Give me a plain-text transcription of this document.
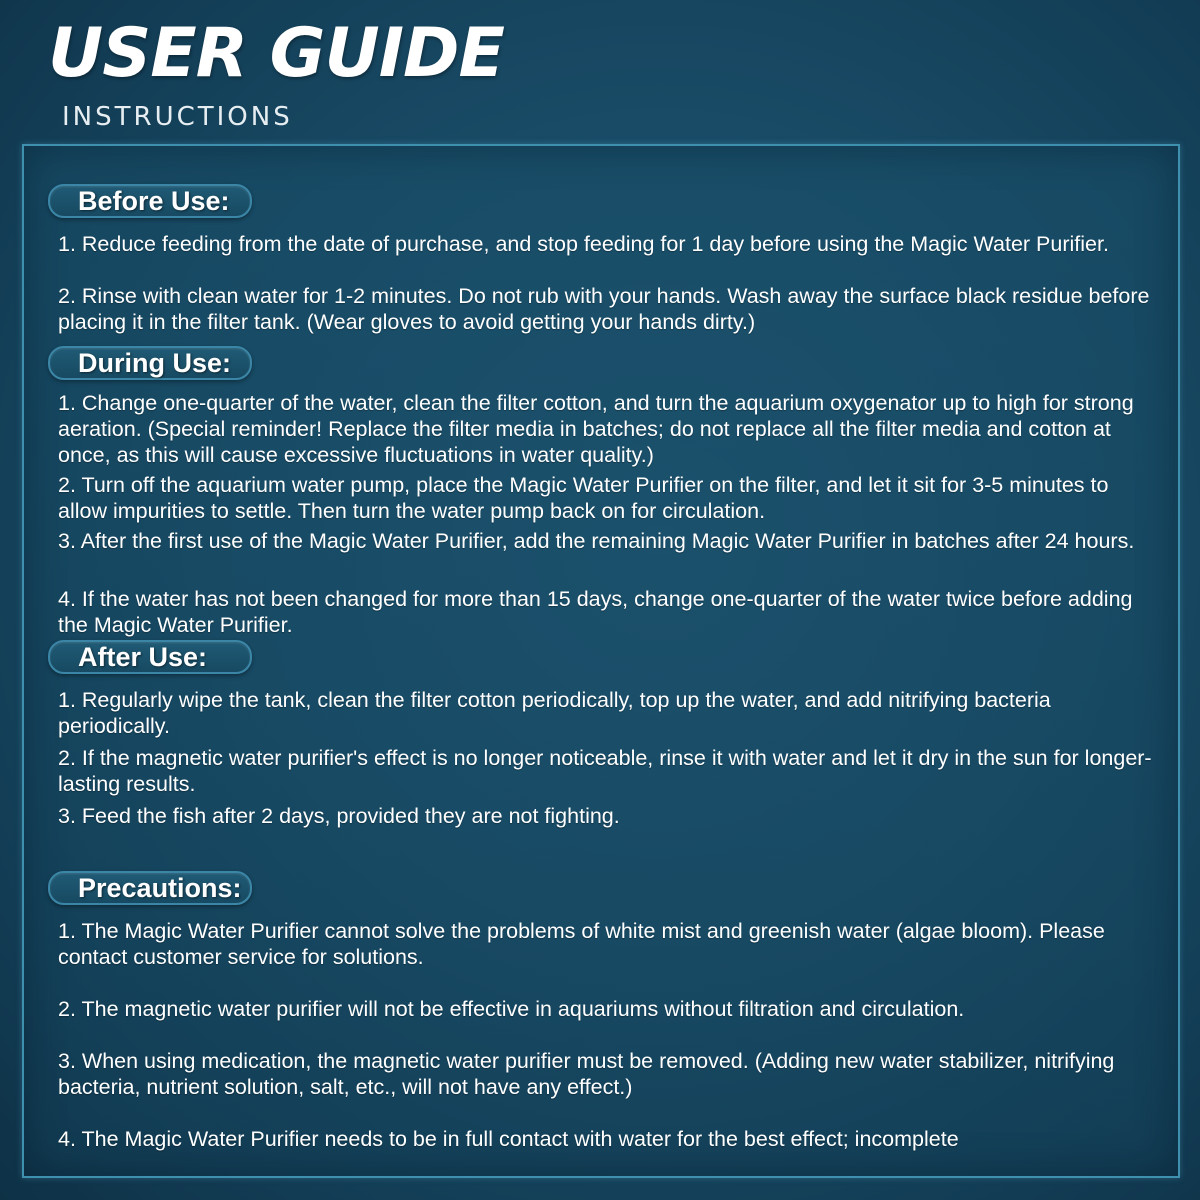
USER GUIDE
INSTRUCTIONS
Before Use:

1. Reduce feeding from the date of purchase, and stop feeding for 1 day before using the Magic Water Purifier.

2. Rinse with clean water for 1-2 minutes. Do not rub with your hands. Wash away the surface black residue before placing it in the filter tank. (Wear gloves to avoid getting your hands dirty.)

During Use:

1. Change one-quarter of the water, clean the filter cotton, and turn the aquarium oxygenator up to high for strong aeration. (Special reminder! Replace the filter media in batches; do not replace all the filter media and cotton at once, as this will cause excessive fluctuations in water quality.)

2. Turn off the aquarium water pump, place the Magic Water Purifier on the filter, and let it sit for 3-5 minutes to allow impurities to settle. Then turn the water pump back on for circulation.

3. After the first use of the Magic Water Purifier, add the remaining Magic Water Purifier in batches after 24 hours.

4. If the water has not been changed for more than 15 days, change one-quarter of the water twice before adding the Magic Water Purifier.

After Use:

1. Regularly wipe the tank, clean the filter cotton periodically, top up the water, and add nitrifying bacteria periodically.

2. If the magnetic water purifier's effect is no longer noticeable, rinse it with water and let it dry in the sun for longer-lasting results.

3. Feed the fish after 2 days, provided they are not fighting.

Precautions:

1. The Magic Water Purifier cannot solve the problems of white mist and greenish water (algae bloom). Please contact customer service for solutions.

2. The magnetic water purifier will not be effective in aquariums without filtration and circulation.

3. When using medication, the magnetic water purifier must be removed. (Adding new water stabilizer, nitrifying bacteria, nutrient solution, salt, etc., will not have any effect.)

4. The Magic Water Purifier needs to be in full contact with water for the best effect; incomplete
